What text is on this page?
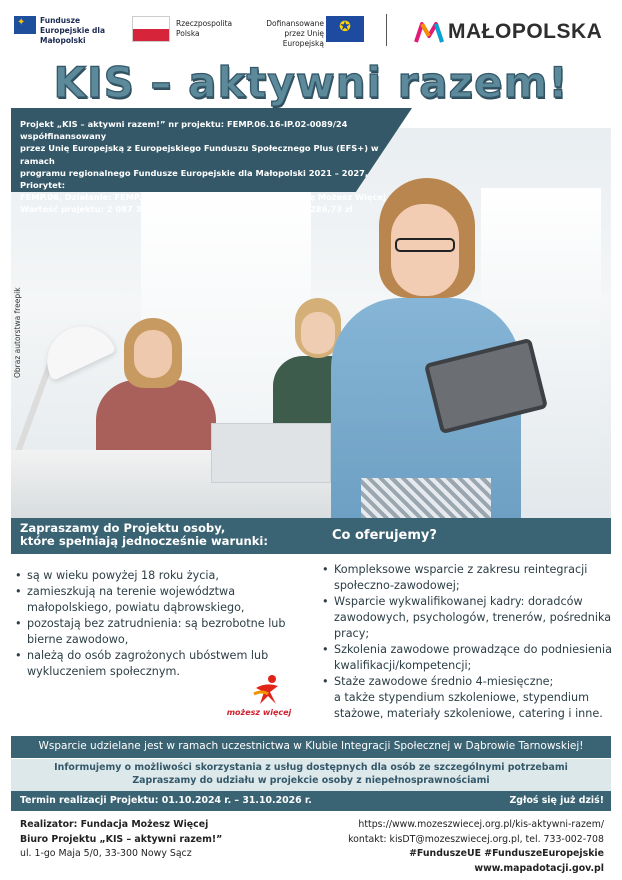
✦ Fundusze Europejskie dla Małopolski
Rzeczpospolita Polska
Dofinansowane przez Unię Europejską
✪	MAŁOPOLSKA
KIS – aktywni razem!
Obraz autorstwa freepik
Projekt „KIS – aktywni razem!” nr projektu: FEMP.06.16-IP.02-0089/24 współfinansowany
przez Unię Europejską z Europejskiego Funduszu Społecznego Plus (EFS+) w ramach
programu regionalnego Fundusze Europejskie dla Małopolski 2021 – 2027, Priorytet:
FEMP.06, Działanie: FEMP.06.16. realizowanego przez Fundację Możesz Więcej
Wartość projektu: 2 087 396,16 zł, w tym środków z UE 1 774 286,73 zł
Zapraszamy do Projektu osoby,
które spełniają jednocześnie warunki:	Co oferujemy?
• są w wieku powyżej 18 roku życia,
• zamieszkują na terenie województwa małopolskiego, powiatu dąbrowskiego,
• pozostają bez zatrudnienia: są bezrobotne lub bierne zawodowo,
• należą do osób zagrożonych ubóstwem lub wykluczeniem społecznym.
• Kompleksowe wsparcie z zakresu reintegracji społeczno-zawodowej;
• Wsparcie wykwalifikowanej kadry: doradców zawodowych, psychologów, trenerów, pośrednika pracy;
• Szkolenia zawodowe prowadzące do podniesienia kwalifikacji/kompetencji;
• Staże zawodowe średnio 4-miesięczne;
a także stypendium szkoleniowe, stypendium stażowe, materiały szkoleniowe, catering i inne.
możesz więcej
Wsparcie udzielane jest w ramach uczestnictwa w Klubie Integracji Społecznej w Dąbrowie Tarnowskiej!
Informujemy o możliwości skorzystania z usług dostępnych dla osób ze szczególnymi potrzebami
Zapraszamy do udziału w projekcie osoby z niepełnosprawnościami
Termin realizacji Projektu: 01.10.2024 r. – 31.10.2026 r.	Zgłoś się już dziś!
Realizator: Fundacja Możesz Więcej
Biuro Projektu „KIS – aktywni razem!”
ul. 1-go Maja 5/0, 33-300 Nowy Sącz
https://www.mozeszwiecej.org.pl/kis-aktywni-razem/
kontakt: kisDT@mozeszwiecej.org.pl, tel. 733-002-708
#FunduszeUE #FunduszeEuropejskie www.mapadotacji.gov.pl
